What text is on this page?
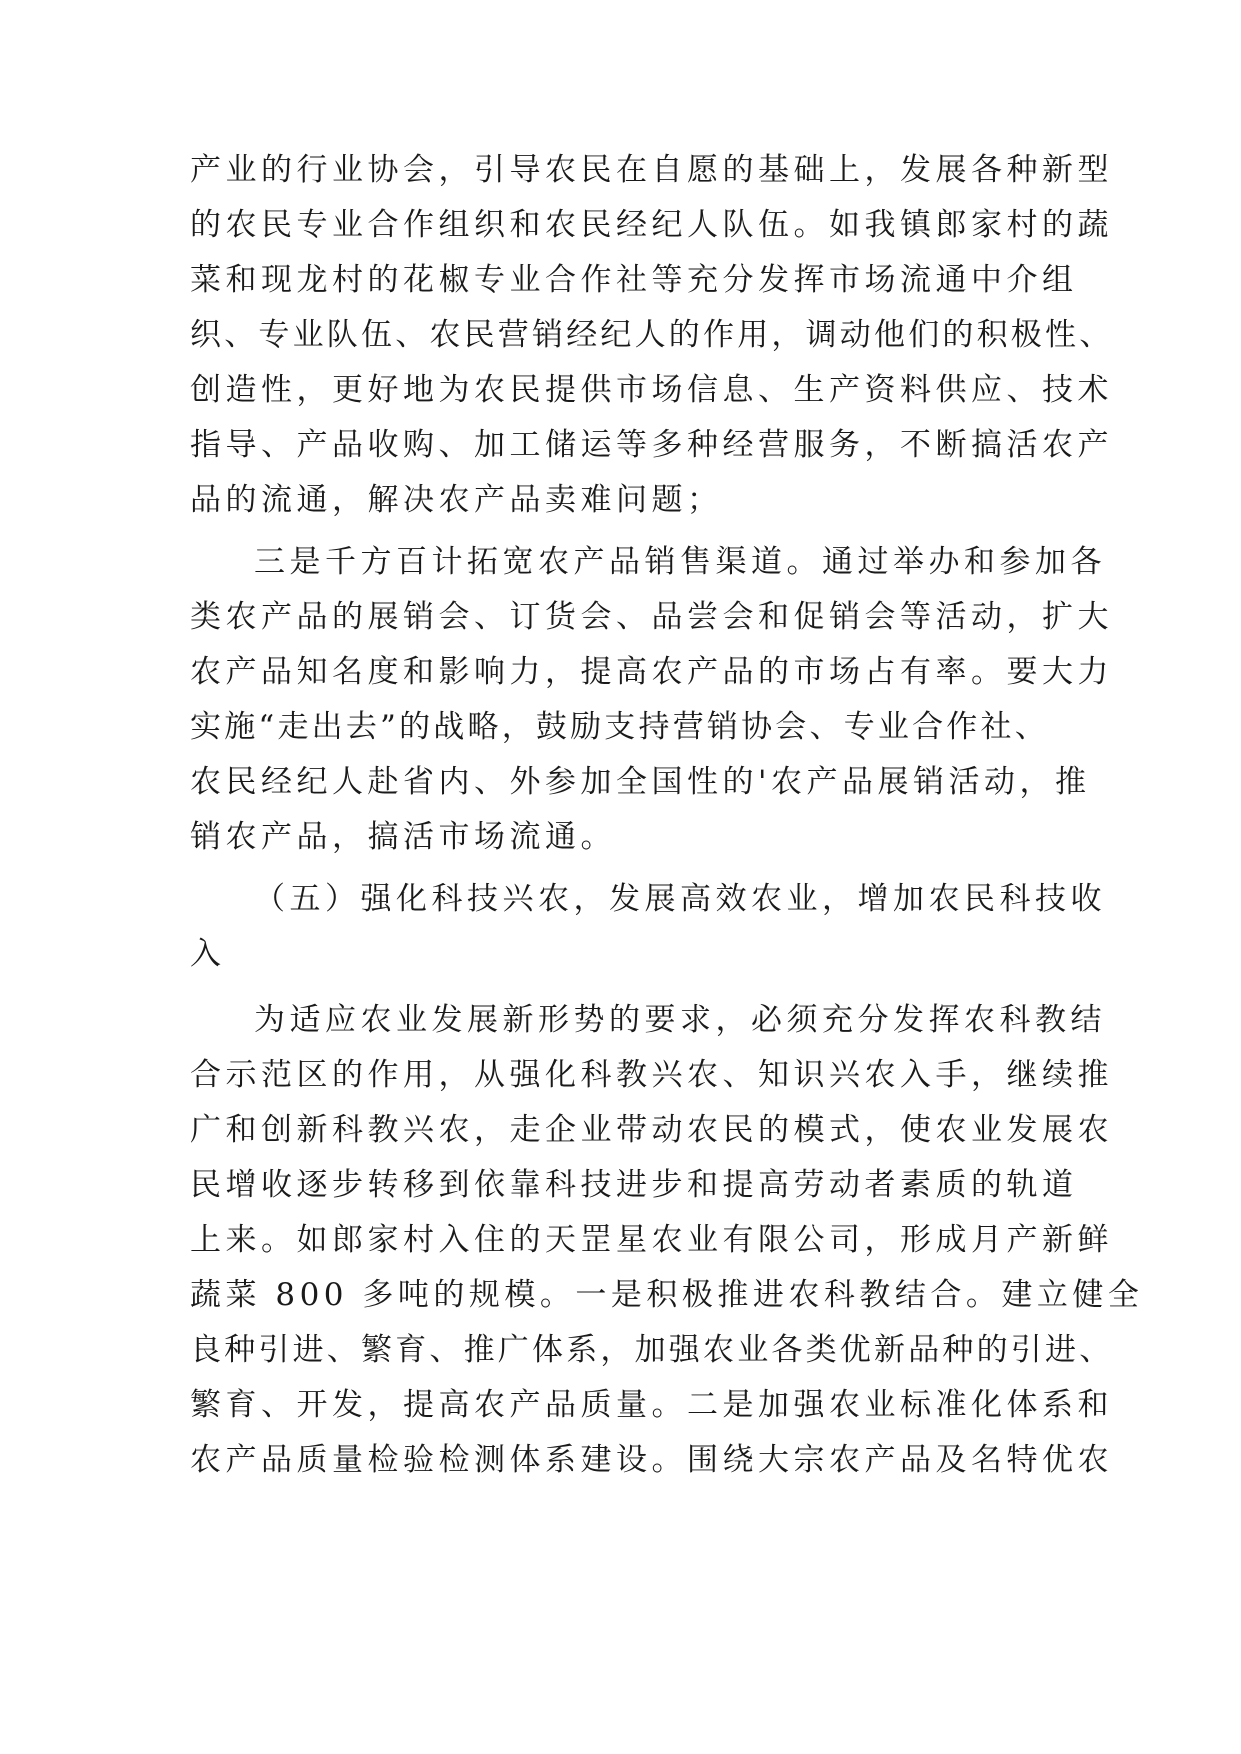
产业的行业协会，引导农民在自愿的基础上，发展各种新型
的农民专业合作组织和农民经纪人队伍。如我镇郎家村的蔬
菜和现龙村的花椒专业合作社等充分发挥市场流通中介组
织、专业队伍、农民营销经纪人的作用，调动他们的积极性、
创造性，更好地为农民提供市场信息、生产资料供应、技术
指导、产品收购、加工储运等多种经营服务，不断搞活农产
品的流通，解决农产品卖难问题；
三是千方百计拓宽农产品销售渠道。通过举办和参加各
类农产品的展销会、订货会、品尝会和促销会等活动，扩大
农产品知名度和影响力，提高农产品的市场占有率。要大力
实施“走出去”的战略，鼓励支持营销协会、专业合作社、
农民经纪人赴省内、外参加全国性的'农产品展销活动，推
销农产品，搞活市场流通。
（五）强化科技兴农，发展高效农业，增加农民科技收
入
为适应农业发展新形势的要求，必须充分发挥农科教结
合示范区的作用，从强化科教兴农、知识兴农入手，继续推
广和创新科教兴农，走企业带动农民的模式，使农业发展农
民增收逐步转移到依靠科技进步和提高劳动者素质的轨道
上来。如郎家村入住的天罡星农业有限公司，形成月产新鲜
蔬菜 800 多吨的规模。一是积极推进农科教结合。建立健全
良种引进、繁育、推广体系，加强农业各类优新品种的引进、
繁育、开发，提高农产品质量。二是加强农业标准化体系和
农产品质量检验检测体系建设。围绕大宗农产品及名特优农
